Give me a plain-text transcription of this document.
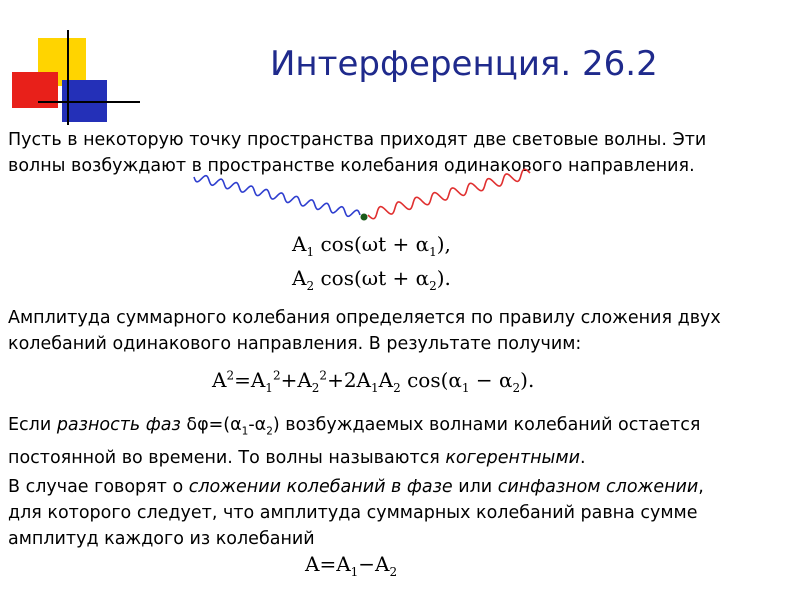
Интерференция. 26.2

Пусть в некоторую точку пространства приходят две световые волны. Эти
волны возбуждают в пространстве колебания одинакового направления.

$A_1$ $\cos(\omega t + \alpha_1)$,
$A_2$ $\cos(\omega t + \alpha_2)$.

Амплитуда суммарного колебания определяется по правилу сложения двух
колебаний одинакового направления. В результате получим:

$A^2=A_1^2+A_2^2+2A_1A_2$ $\cos(\alpha_1 - \alpha_2)$.

Если разность фаз $\delta\varphi=(\alpha_1-\alpha_2)$ возбуждаемых волнами колебаний остается
постоянной во времени. То волны называются когерентными.

В случае говорят о сложении колебаний в фазе или синфазном сложении,
для которого следует, что амплитуда суммарных колебаний равна сумме
амплитуд каждого из колебаний

$A=A_1-A_2$
